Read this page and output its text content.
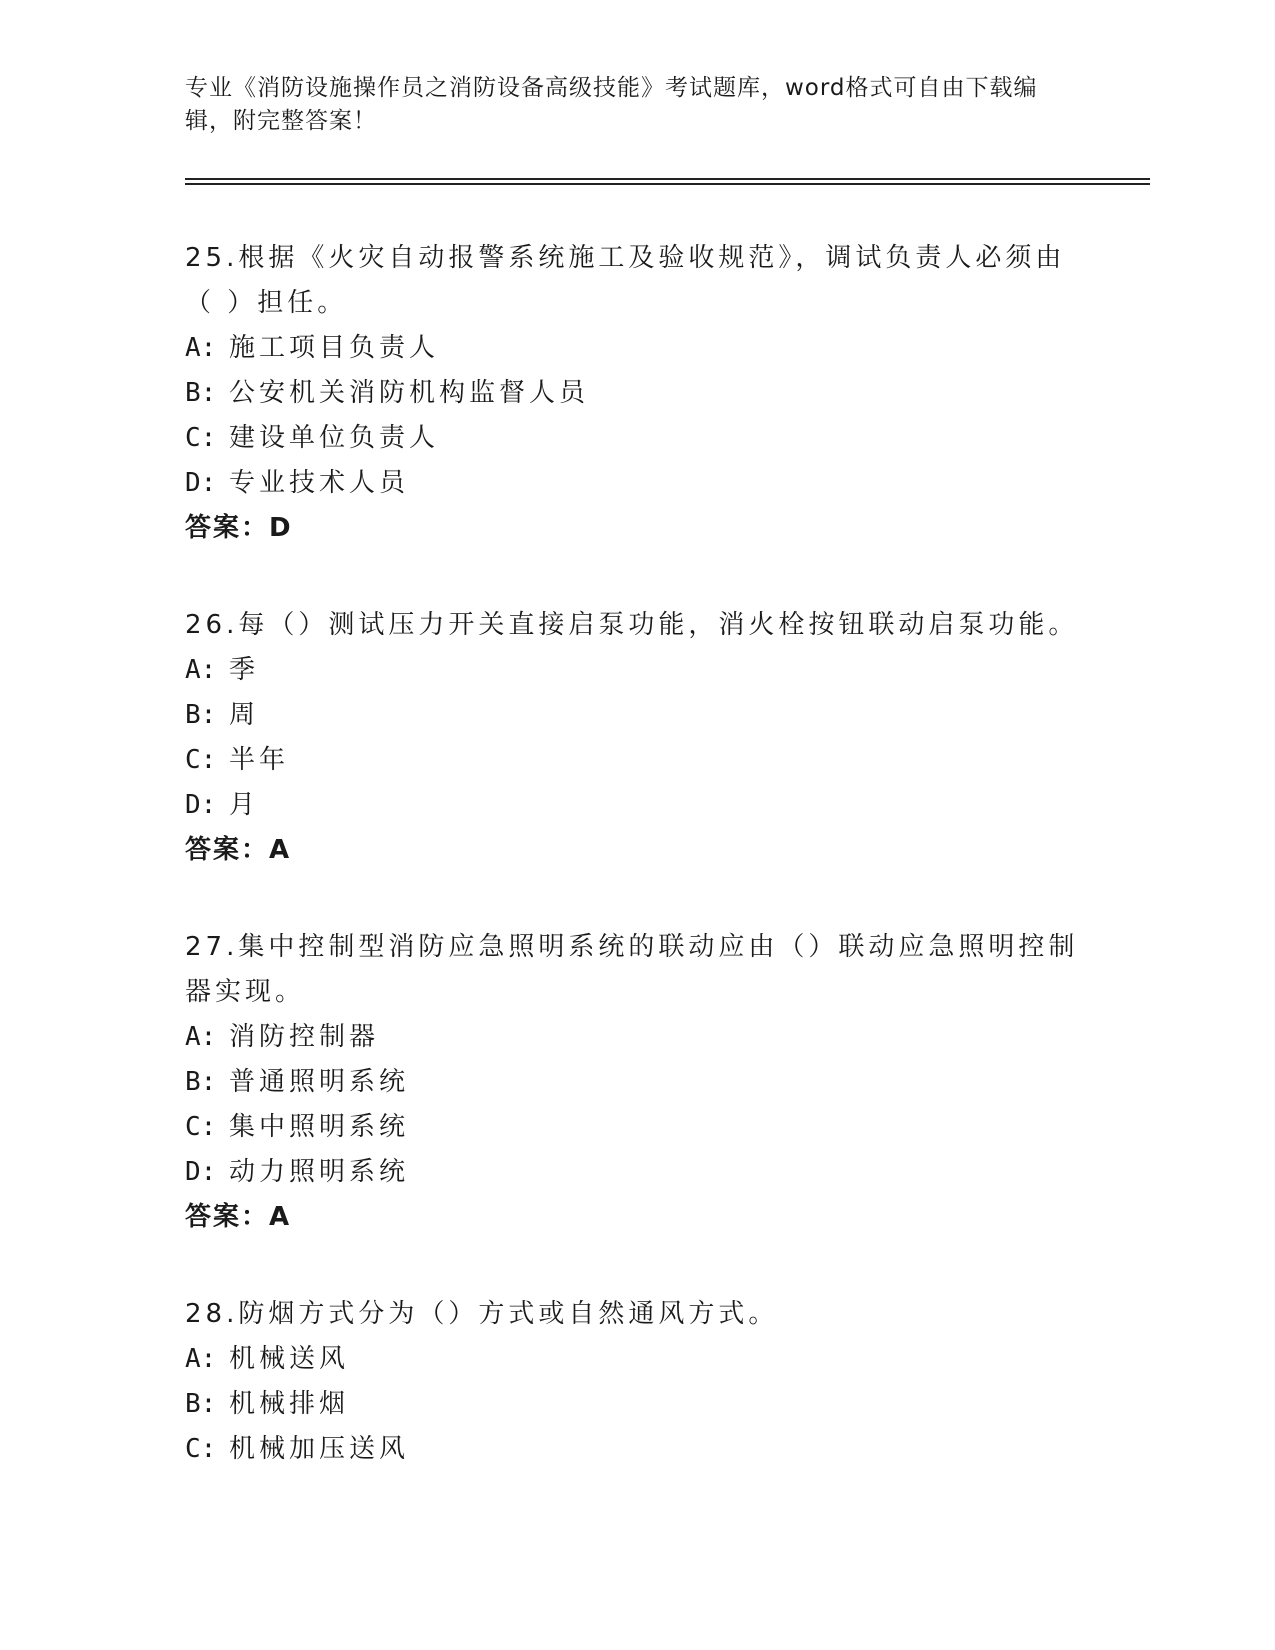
专业《消防设施操作员之消防设备高级技能》考试题库，word格式可自由下载编辑，附完整答案！

25.根据《火灾自动报警系统施工及验收规范》，调试负责人必须由（ ）担任。

A: 施工项目负责人

B: 公安机关消防机构监督人员

C: 建设单位负责人

D: 专业技术人员

答案：D

26.每（）测试压力开关直接启泵功能，消火栓按钮联动启泵功能。

A: 季

B: 周

C: 半年

D: 月

答案：A

27.集中控制型消防应急照明系统的联动应由（）联动应急照明控制器实现。

A: 消防控制器

B: 普通照明系统

C: 集中照明系统

D: 动力照明系统

答案：A

28.防烟方式分为（）方式或自然通风方式。

A: 机械送风

B: 机械排烟

C: 机械加压送风
